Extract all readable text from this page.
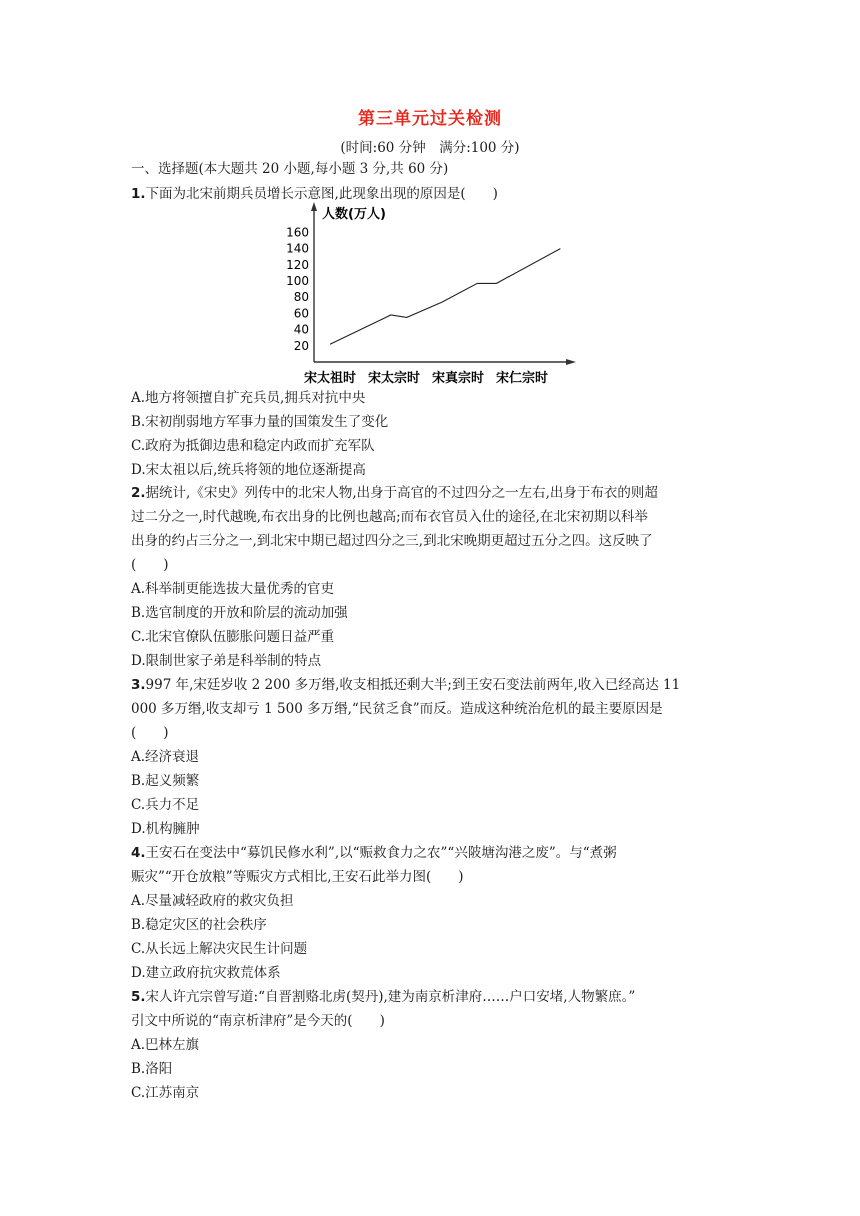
第三单元过关检测
(时间:60 分钟　满分:100 分)
一、选择题(本大题共 20 小题,每小题 3 分,共 60 分)
1.下面为北宋前期兵员增长示意图,此现象出现的原因是(　　)
人数(万人)
20
40
60
80
100
120
140
160
宋太祖时 宋太宗时 宋真宗时 宋仁宗时
A.地方将领擅自扩充兵员,拥兵对抗中央
B.宋初削弱地方军事力量的国策发生了变化
C.政府为抵御边患和稳定内政而扩充军队
D.宋太祖以后,统兵将领的地位逐渐提高
2.据统计,《宋史》列传中的北宋人物,出身于高官的不过四分之一左右,出身于布衣的则超
过二分之一,时代越晚,布衣出身的比例也越高;而布衣官员入仕的途径,在北宋初期以科举
出身的约占三分之一,到北宋中期已超过四分之三,到北宋晚期更超过五分之四。这反映了
(　　)
A.科举制更能选拔大量优秀的官吏
B.选官制度的开放和阶层的流动加强
C.北宋官僚队伍膨胀问题日益严重
D.限制世家子弟是科举制的特点
3.997 年,宋廷岁收 2 200 多万缗,收支相抵还剩大半;到王安石变法前两年,收入已经高达 11
000 多万缗,收支却亏 1 500 多万缗,“民贫乏食”而反。造成这种统治危机的最主要原因是
(　　)
A.经济衰退
B.起义频繁
C.兵力不足
D.机构臃肿
4.王安石在变法中“募饥民修水利”,以“赈救食力之农”“兴陂塘沟港之废”。与“煮粥
赈灾”“开仓放粮”等赈灾方式相比,王安石此举力图(　　)
A.尽量减轻政府的救灾负担
B.稳定灾区的社会秩序
C.从长远上解决灾民生计问题
D.建立政府抗灾救荒体系
5.宋人许亢宗曾写道:“自晋割赂北虏(契丹),建为南京析津府……户口安堵,人物繁庶。”
引文中所说的“南京析津府”是今天的(　　)
A.巴林左旗
B.洛阳
C.江苏南京
